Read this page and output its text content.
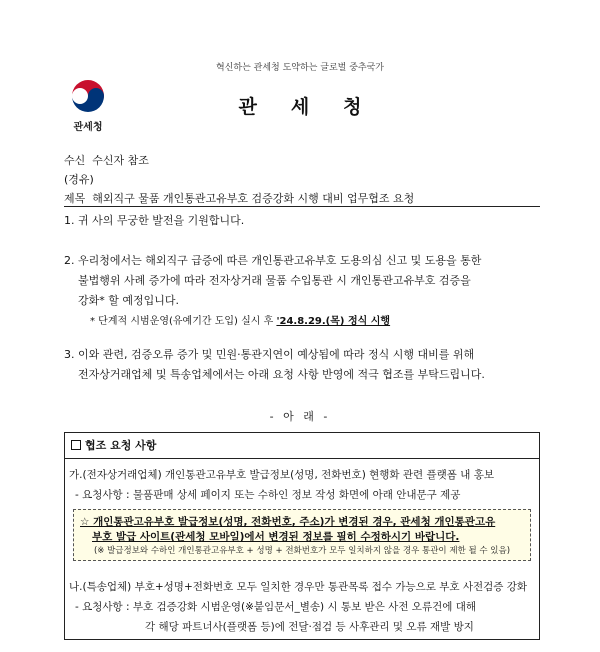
혁신하는 관세청 도약하는 글로벌 중추국가
관세청
관세청
수신 수신자 참조
(경유)
제목 해외직구 물품 개인통관고유부호 검증강화 시행 대비 업무협조 요청
1. 귀 사의 무궁한 발전을 기원합니다.
2. 우리청에서는 해외직구 급증에 따른 개인통관고유부호 도용의심 신고 및 도용을 통한
불법행위 사례 증가에 따라 전자상거래 물품 수입통관 시 개인통관고유부호 검증을
강화* 할 예정입니다.
* 단계적 시범운영(유예기간 도입) 실시 후 '24.8.29.(목) 정식 시행
3. 이와 관련, 검증오류 증가 및 민원·통관지연이 예상됨에 따라 정식 시행 대비를 위해
전자상거래업체 및 특송업체에서는 아래 요청 사항 반영에 적극 협조를 부탁드립니다.
- 아 래 -
협조 요청 사항
가.(전자상거래업체) 개인통관고유부호 발급정보(성명, 전화번호) 현행화 관련 플랫폼 내 홍보
- 요청사항 : 물품판매 상세 페이지 또는 수하인 정보 작성 화면에 아래 안내문구 제공
☆ 개인통관고유부호 발급정보(성명, 전화번호, 주소)가 변경된 경우, 관세청 개인통관고유
부호 발급 사이트(관세청 모바일)에서 변경된 정보를 필히 수정하시기 바랍니다.
(※ 발급정보와 수하인 개인통관고유부호 + 성명 + 전화번호가 모두 일치하지 않을 경우 통관이 제한 될 수 있음)
나.(특송업체) 부호+성명+전화번호 모두 일치한 경우만 통관목록 접수 가능으로 부호 사전검증 강화
- 요청사항 : 부호 검증강화 시범운영(※붙임문서_별송) 시 통보 받은 사전 오류건에 대해
각 해당 파트너사(플랫폼 등)에 전달·점검 등 사후관리 및 오류 재발 방지
